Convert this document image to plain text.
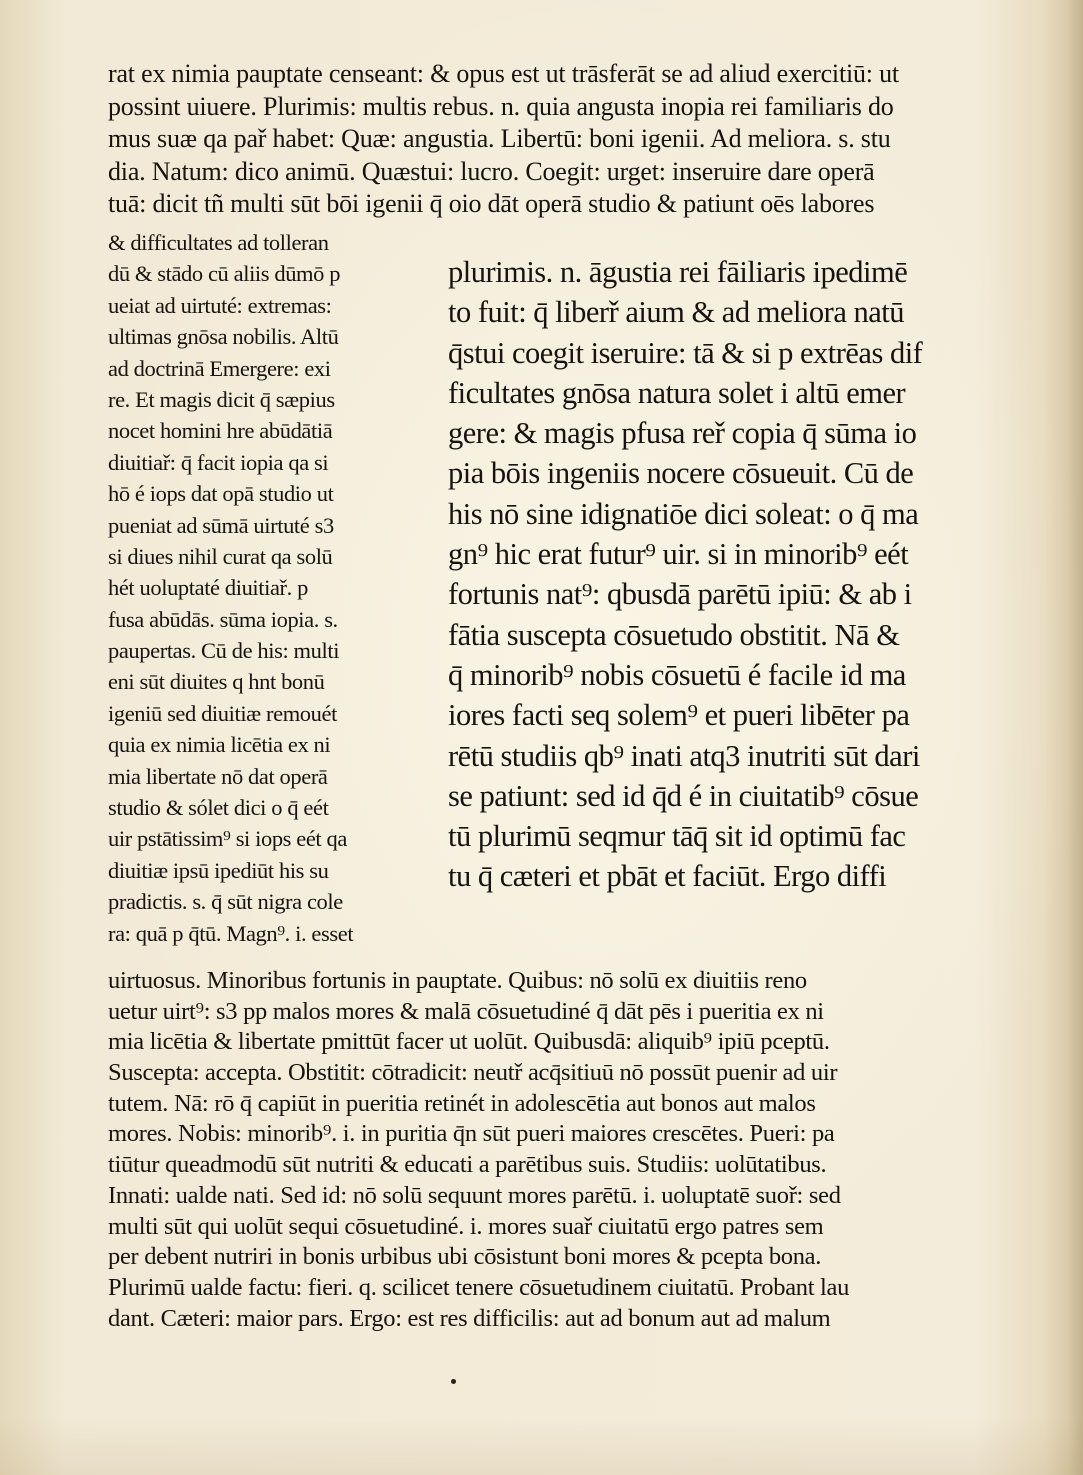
rat ex nimia pauptate censeant: & opus est ut trāsferāt se ad aliud exercitiū: ut
possint uiuere. Plurimis: multis rebus. n. quia angusta inopia rei familiaris do
mus suæ qa pař habet: Quæ: angustia. Libertū: boni igenii. Ad meliora. s. stu
dia. Natum: dico animū. Quæstui: lucro. Coegit: urget: inseruire dare operā
tuā: dicit tñ multi sūt bōi igenii q̄ oio dāt operā studio & patiunt oēs labores
& difficultates ad tolleran
dū & stādo cū aliis dūmō p
ueiat ad uirtuté: extremas:
ultimas gnōsa nobilis. Altū
ad doctrinā Emergere: exi
re. Et magis dicit q̄ sæpius
nocet homini hre abūdātiā
diuitiař: q̄ facit iopia qa si
hō é iops dat opā studio ut
pueniat ad sūmā uirtuté s3
si diues nihil curat qa solū
hét uoluptaté diuitiař. p
fusa abūdās. sūma iopia. s.
paupertas. Cū de his: multi
eni sūt diuites q hnt bonū
igeniū sed diuitiæ remouét
quia ex nimia licētia ex ni
mia libertate nō dat operā
studio & sólet dici o q̄ eét
uir pstātissim⁹ si iops eét qa
diuitiæ ipsū ipediūt his su
pradictis. s. q̄ sūt nigra cole
ra: quā p q̄tū. Magn⁹. i. esset
plurimis. n. āgustia rei fāiliaris ipedimē
to fuit: q̄ liberř aium & ad meliora natū
q̄stui coegit iseruire: tā & si p extrēas dif
ficultates gnōsa natura solet i altū emer
gere: & magis pfusa reř copia q̄ sūma io
pia bōis ingeniis nocere cōsueuit. Cū de
his nō sine idignatiōe dici soleat: o q̄ ma
gn⁹ hic erat futur⁹ uir. si in minorib⁹ eét
fortunis nat⁹: qbusdā parētū ipiū: & ab i
fātia suscepta cōsuetudo obstitit. Nā &
q̄ minorib⁹ nobis cōsuetū é facile id ma
iores facti seq solem⁹ et pueri libēter pa
rētū studiis qb⁹ inati atq3 inutriti sūt dari
se patiunt: sed id q̄d é in ciuitatib⁹ cōsue
tū plurimū seqmur tāq̄ sit id optimū fac
tu q̄ cæteri et pbāt et faciūt. Ergo diffi
uirtuosus. Minoribus fortunis in pauptate. Quibus: nō solū ex diuitiis reno
uetur uirt⁹: s3 pp malos mores & malā cōsuetudiné q̄ dāt pēs i pueritia ex ni
mia licētia & libertate pmittūt facer ut uolūt. Quibusdā: aliquib⁹ ipiū pceptū.
Suscepta: accepta. Obstitit: cōtradicit: neutř acq̄sitiuū nō possūt puenir ad uir
tutem. Nā: rō q̄ capiūt in pueritia retinét in adolescētia aut bonos aut malos
mores. Nobis: minorib⁹. i. in puritia q̄n sūt pueri maiores crescētes. Pueri: pa
tiūtur queadmodū sūt nutriti & educati a parētibus suis. Studiis: uolūtatibus.
Innati: ualde nati. Sed id: nō solū sequunt mores parētū. i. uoluptatē suoř: sed
multi sūt qui uolūt sequi cōsuetudiné. i. mores suař ciuitatū ergo patres sem
per debent nutriri in bonis urbibus ubi cōsistunt boni mores & pcepta bona.
Plurimū ualde factu: fieri. q. scilicet tenere cōsuetudinem ciuitatū. Probant lau
dant. Cæteri: maior pars. Ergo: est res difficilis: aut ad bonum aut ad malum
